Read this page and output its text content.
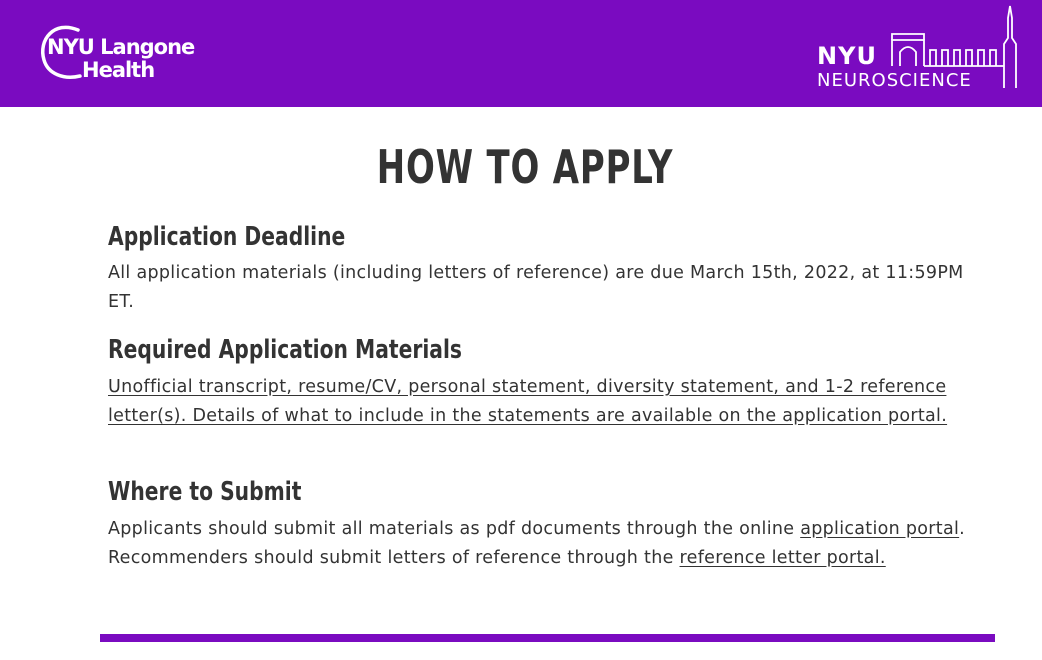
NYU Langone
Health	NYU
NEUROSCIENCE
HOW TO APPLY
Application Deadline
All application materials (including letters of reference) are due March 15th, 2022, at 11:59PM ET.
Required Application Materials
Unofficial transcript, resume/CV, personal statement, diversity statement, and 1-2 reference letter(s). Details of what to include in the statements are available on the application portal.
Where to Submit
Applicants should submit all materials as pdf documents through the online application portal. Recommenders should submit letters of reference through the reference letter portal.
